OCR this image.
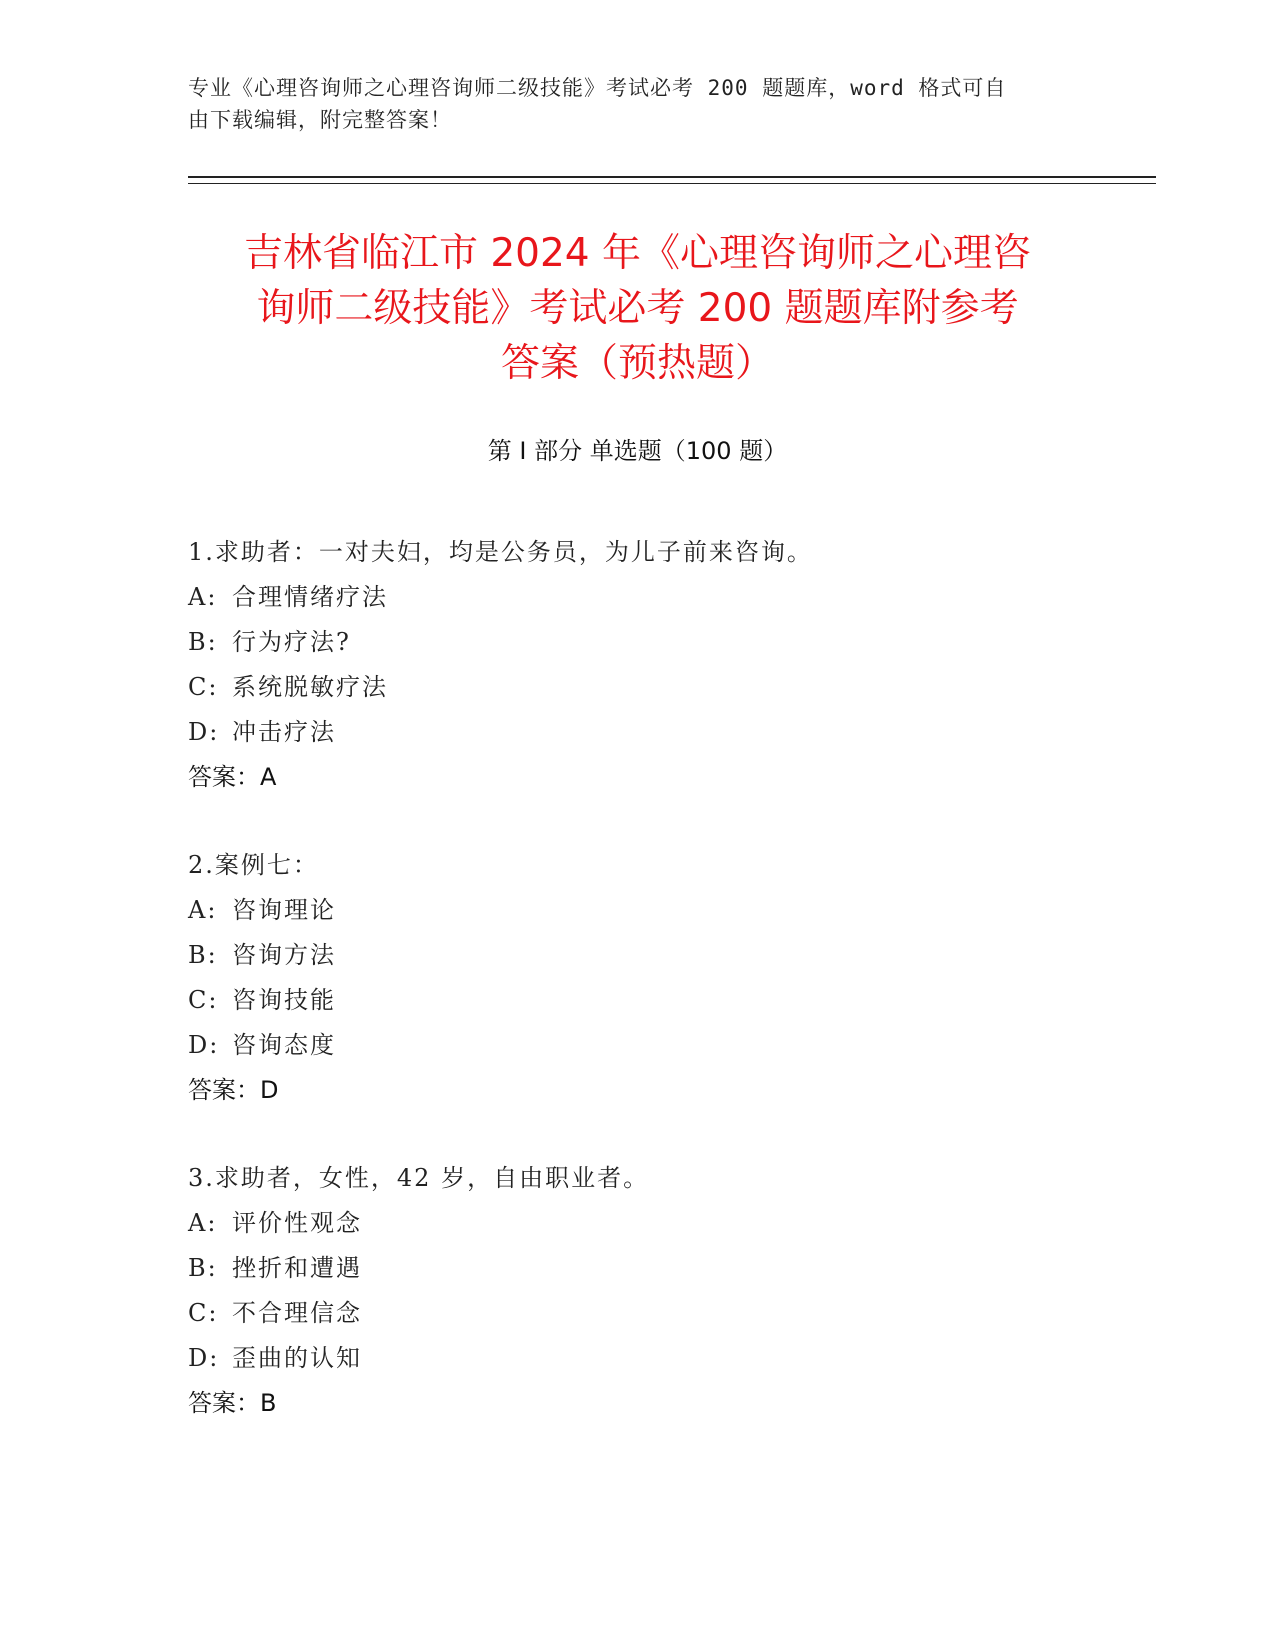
专业《心理咨询师之心理咨询师二级技能》考试必考 200 题题库，word 格式可自
由下载编辑，附完整答案！
吉林省临江市 2024 年《心理咨询师之心理咨
询师二级技能》考试必考 200 题题库附参考
答案（预热题）
第 I 部分 单选题（100 题）
1.求助者：一对夫妇，均是公务员，为儿子前来咨询。
A: 合理情绪疗法
B: 行为疗法?
C: 系统脱敏疗法
D: 冲击疗法
答案：A
2.案例七：
A: 咨询理论
B: 咨询方法
C: 咨询技能
D: 咨询态度
答案：D
3.求助者，女性，42 岁，自由职业者。
A: 评价性观念
B: 挫折和遭遇
C: 不合理信念
D: 歪曲的认知
答案：B
